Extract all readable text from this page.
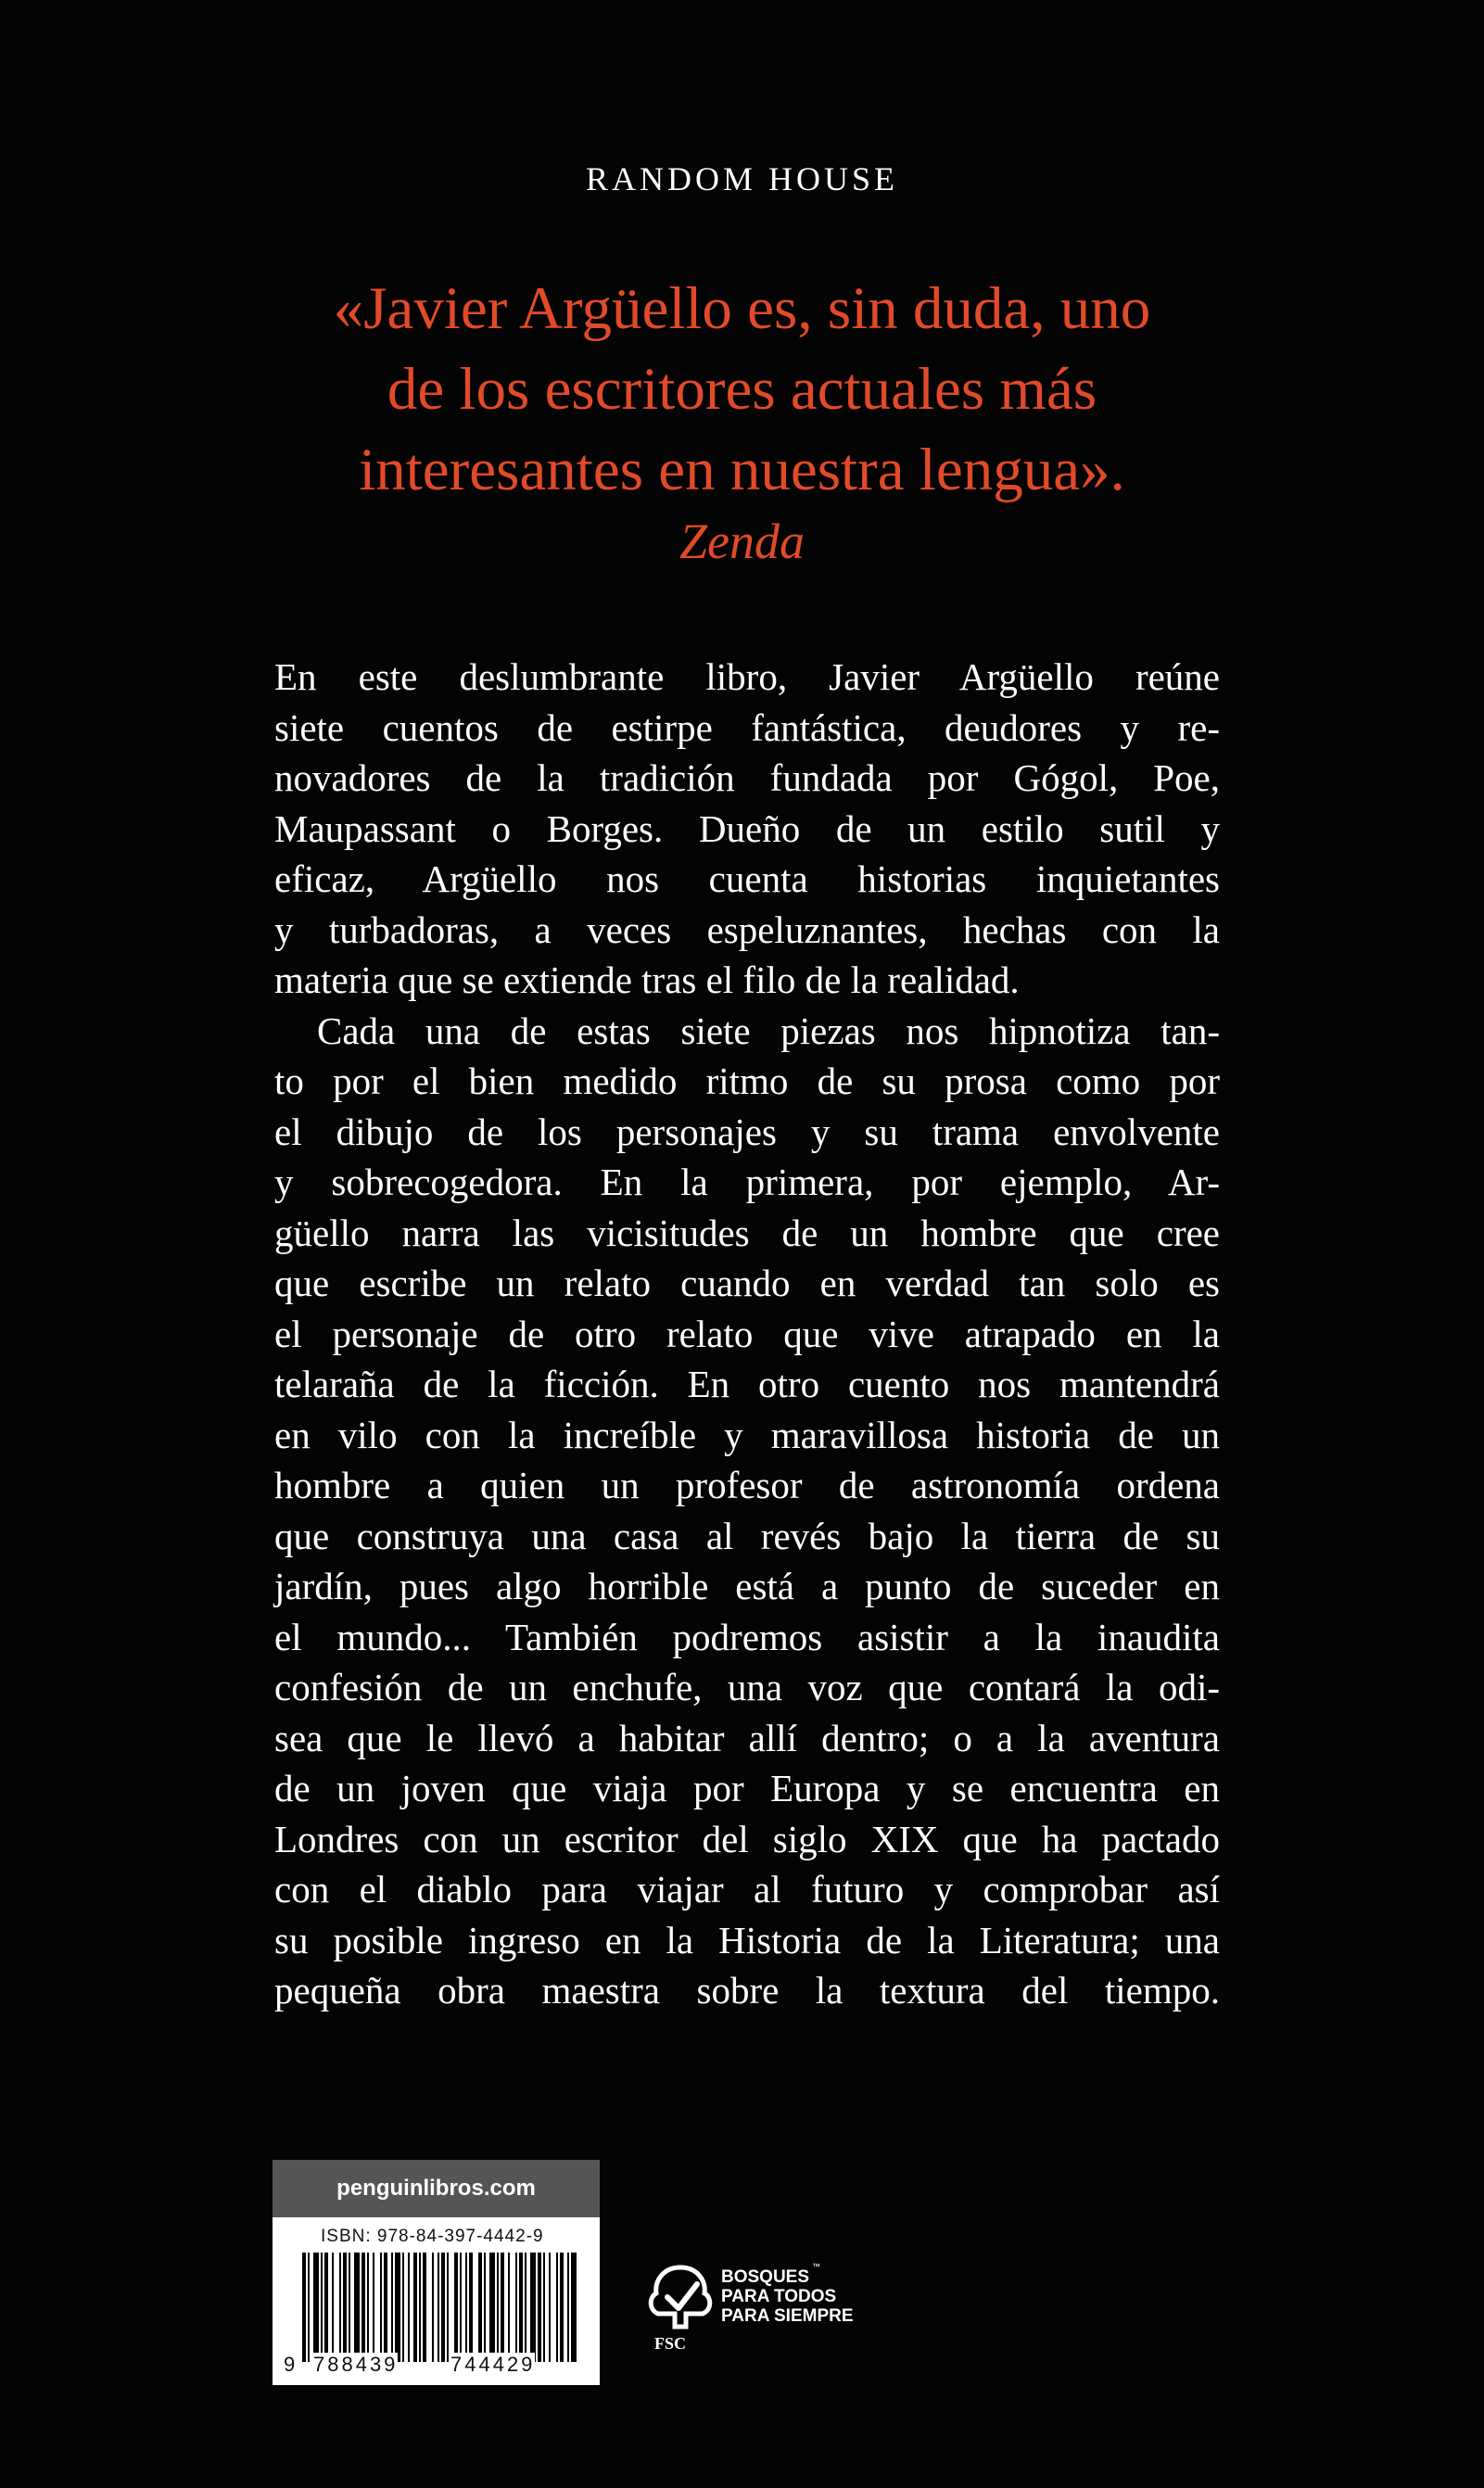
RANDOM HOUSE
«Javier Argüello es, sin duda, uno
de los escritores actuales más
interesantes en nuestra lengua».
Zenda
En este deslumbrante libro, Javier Argüello reúne
siete cuentos de estirpe fantástica, deudores y re-
novadores de la tradición fundada por Gógol, Poe,
Maupassant o Borges. Dueño de un estilo sutil y
eficaz, Argüello nos cuenta historias inquietantes
y turbadoras, a veces espeluznantes, hechas con la
materia que se extiende tras el filo de la realidad.
Cada una de estas siete piezas nos hipnotiza tan-
to por el bien medido ritmo de su prosa como por
el dibujo de los personajes y su trama envolvente
y sobrecogedora. En la primera, por ejemplo, Ar-
güello narra las vicisitudes de un hombre que cree
que escribe un relato cuando en verdad tan solo es
el personaje de otro relato que vive atrapado en la
telaraña de la ficción. En otro cuento nos mantendrá
en vilo con la increíble y maravillosa historia de un
hombre a quien un profesor de astronomía ordena
que construya una casa al revés bajo la tierra de su
jardín, pues algo horrible está a punto de suceder en
el mundo... También podremos asistir a la inaudita
confesión de un enchufe, una voz que contará la odi-
sea que le llevó a habitar allí dentro; o a la aventura
de un joven que viaja por Europa y se encuentra en
Londres con un escritor del siglo XIX que ha pactado
con el diablo para viajar al futuro y comprobar así
su posible ingreso en la Historia de la Literatura; una
pequeña obra maestra sobre la textura del tiempo.
penguinlibros.com
ISBN: 978-84-397-4442-9
9 788439	744429
BOSQUES
PARA TODOS
PARA SIEMPRE
™
FSC
